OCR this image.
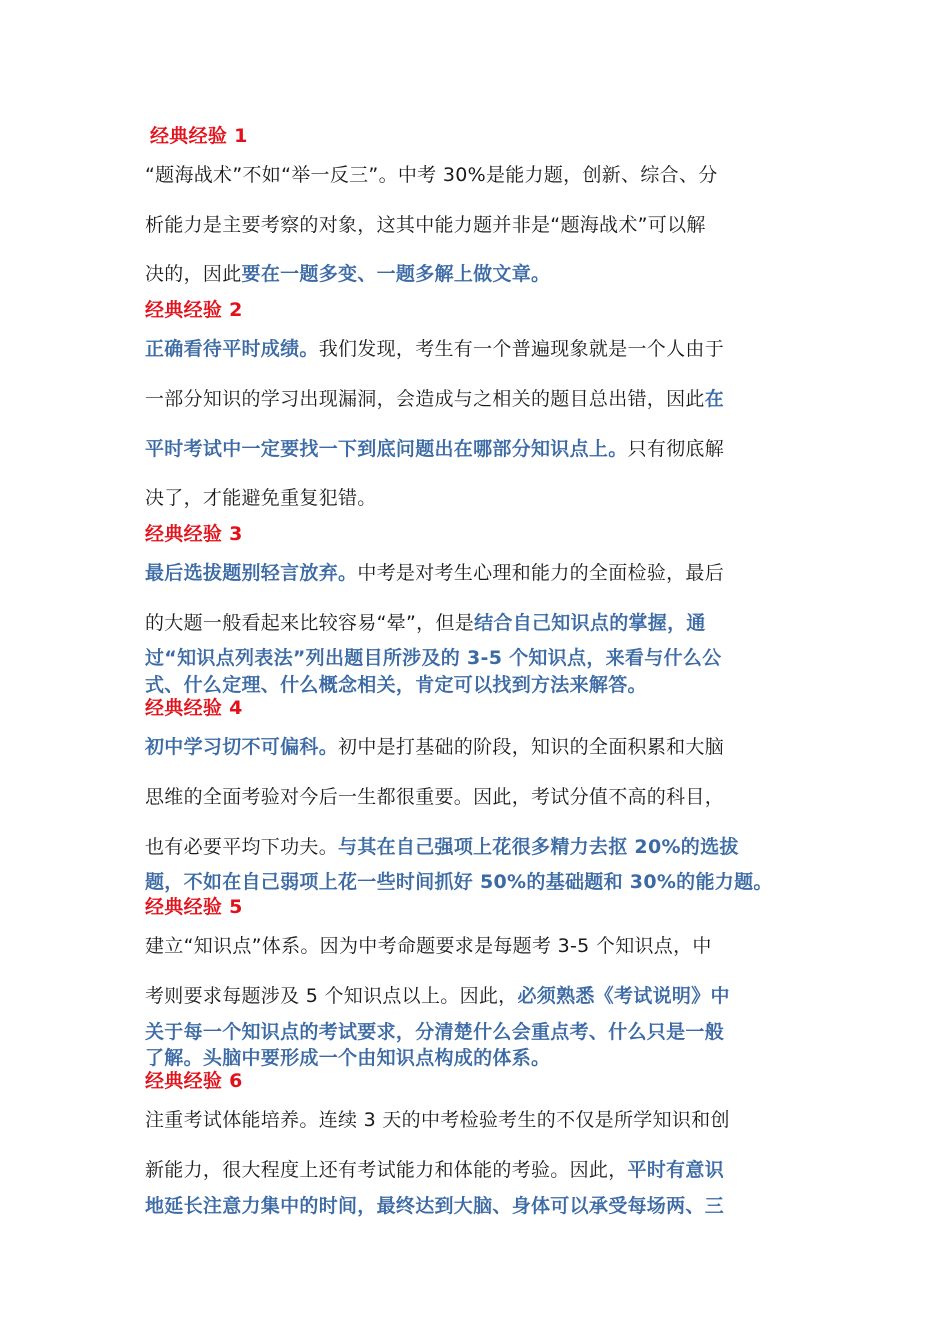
经典经验 1
“题海战术”不如“举一反三”。中考 30%是能力题，创新、综合、分
析能力是主要考察的对象，这其中能力题并非是“题海战术”可以解
决的，因此要在一题多变、一题多解上做文章。
经典经验 2
正确看待平时成绩。我们发现，考生有一个普遍现象就是一个人由于
一部分知识的学习出现漏洞，会造成与之相关的题目总出错，因此在
平时考试中一定要找一下到底问题出在哪部分知识点上。只有彻底解
决了，才能避免重复犯错。
经典经验 3
最后选拔题别轻言放弃。中考是对考生心理和能力的全面检验，最后
的大题一般看起来比较容易“晕”，但是结合自己知识点的掌握，通
过“知识点列表法”列出题目所涉及的 3-5 个知识点，来看与什么公
式、什么定理、什么概念相关，肯定可以找到方法来解答。
经典经验 4
初中学习切不可偏科。初中是打基础的阶段，知识的全面积累和大脑
思维的全面考验对今后一生都很重要。因此，考试分值不高的科目，
也有必要平均下功夫。与其在自己强项上花很多精力去抠 20%的选拔
题，不如在自己弱项上花一些时间抓好 50%的基础题和 30%的能力题。
经典经验 5
建立“知识点”体系。因为中考命题要求是每题考 3-5 个知识点，中
考则要求每题涉及 5 个知识点以上。因此，必须熟悉《考试说明》中
关于每一个知识点的考试要求，分清楚什么会重点考、什么只是一般
了解。头脑中要形成一个由知识点构成的体系。
经典经验 6
注重考试体能培养。连续 3 天的中考检验考生的不仅是所学知识和创
新能力，很大程度上还有考试能力和体能的考验。因此，平时有意识
地延长注意力集中的时间，最终达到大脑、身体可以承受每场两、三
